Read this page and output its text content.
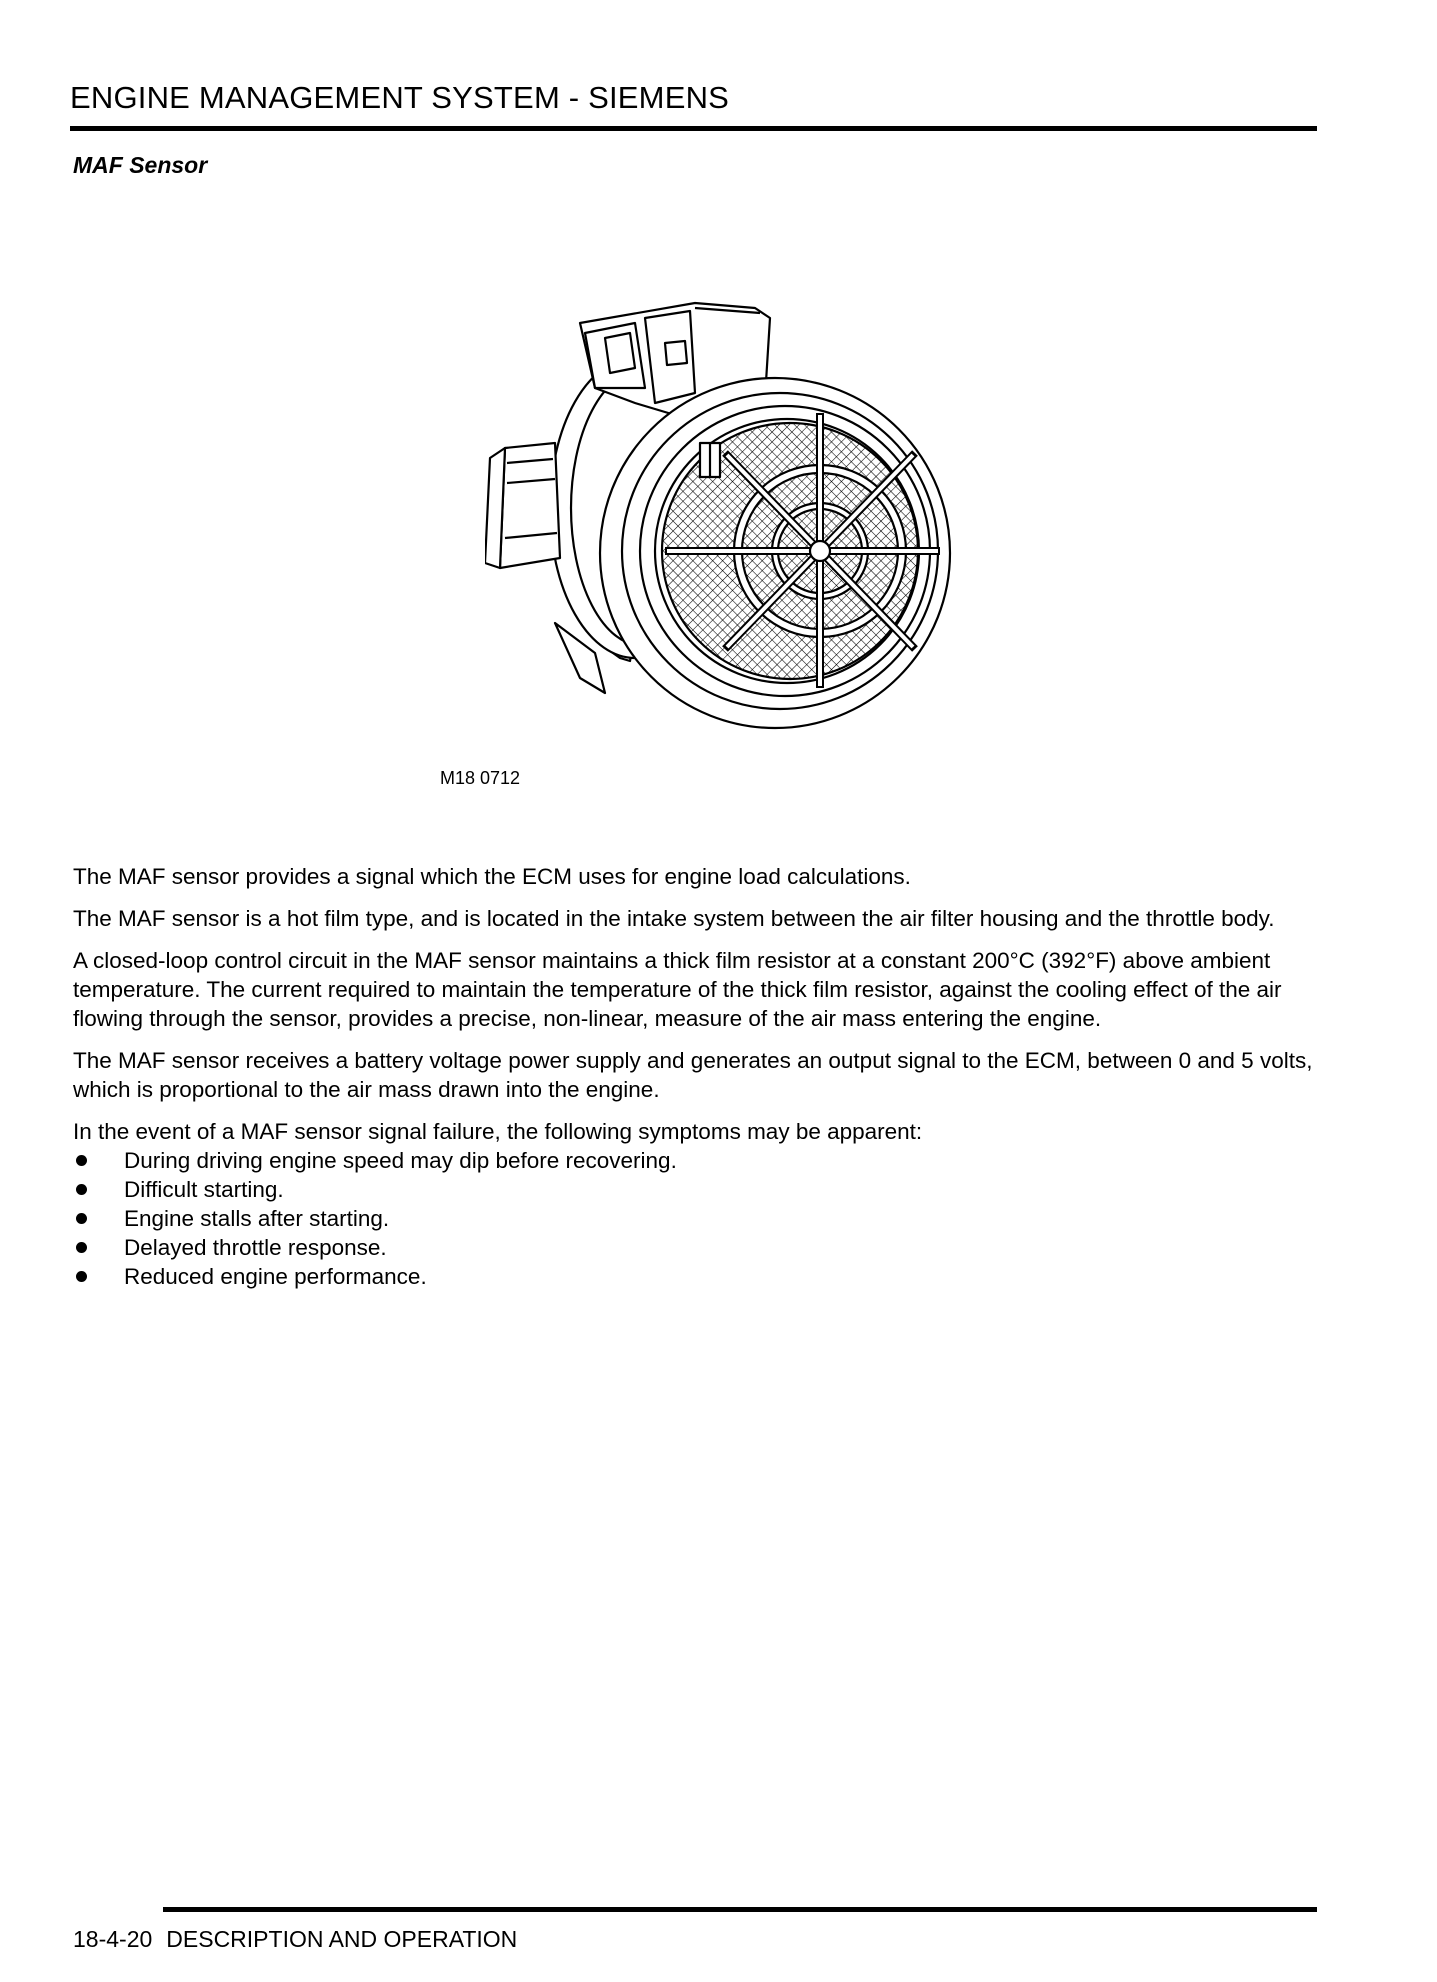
ENGINE MANAGEMENT SYSTEM - SIEMENS
MAF Sensor
M18 0712

The MAF sensor provides a signal which the ECM uses for engine load calculations.

The MAF sensor is a hot film type, and is located in the intake system between the air filter housing and the throttle body.

A closed-loop control circuit in the MAF sensor maintains a thick film resistor at a constant 200°C (392°F) above ambient temperature. The current required to maintain the temperature of the thick film resistor, against the cooling effect of the air flowing through the sensor, provides a precise, non-linear, measure of the air mass entering the engine.

The MAF sensor receives a battery voltage power supply and generates an output signal to the ECM, between 0 and 5 volts, which is proportional to the air mass drawn into the engine.

In the event of a MAF sensor signal failure, the following symptoms may be apparent:
During driving engine speed may dip before recovering.
Difficult starting.
Engine stalls after starting.
Delayed throttle response.
Reduced engine performance.
18-4-20 DESCRIPTION AND OPERATION
